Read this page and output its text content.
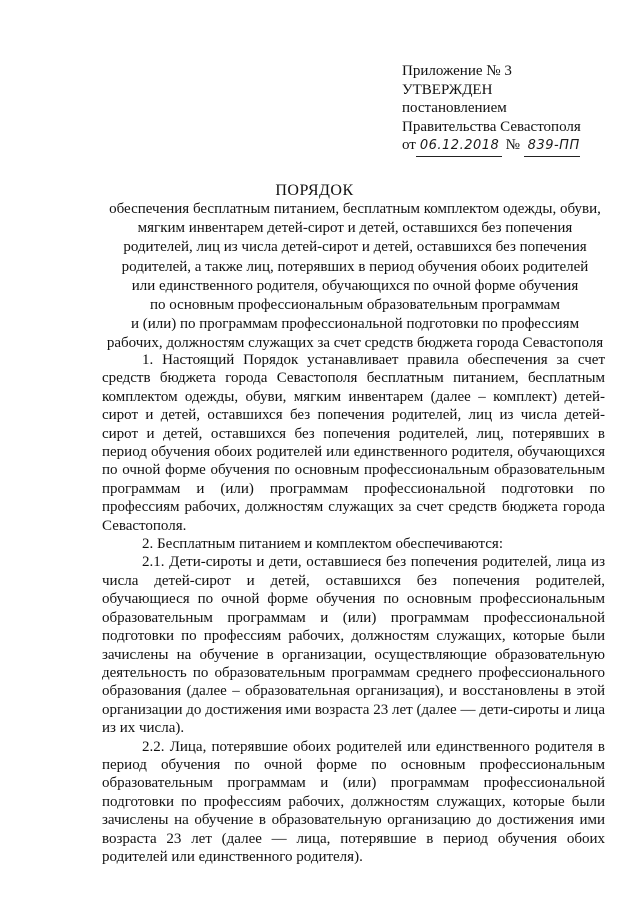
Приложение № 3
УТВЕРЖДЕН
постановлением
Правительства Севастополя
от 06.12.2018 № 839-ПП
ПОРЯДОК
обеспечения бесплатным питанием, бесплатным комплектом одежды, обуви,
мягким инвентарем детей-сирот и детей, оставшихся без попечения
родителей, лиц из числа детей-сирот и детей, оставшихся без попечения
родителей, а также лиц, потерявших в период обучения обоих родителей
или единственного родителя, обучающихся по очной форме обучения
по основным профессиональным образовательным программам
и (или) по программам профессиональной подготовки по профессиям
рабочих, должностям служащих за счет средств бюджета города Севастополя

1. Настоящий Порядок устанавливает правила обеспечения за счет средств бюджета города Севастополя бесплатным питанием, бесплатным комплектом одежды, обуви, мягким инвентарем (далее – комплект) детей-сирот и детей, оставшихся без попечения родителей, лиц из числа детей-сирот и детей, оставшихся без попечения родителей, лиц, потерявших в период обучения обоих родителей или единственного родителя, обучающихся по очной форме обучения по основным профессиональным образовательным программам и (или) программам профессиональной подготовки по профессиям рабочих, должностям служащих за счет средств бюджета города Севастополя.

2. Бесплатным питанием и комплектом обеспечиваются:

2.1. Дети-сироты и дети, оставшиеся без попечения родителей, лица из числа детей-сирот и детей, оставшихся без попечения родителей, обучающиеся по очной форме обучения по основным профессиональным образовательным программам и (или) программам профессиональной подготовки по профессиям рабочих, должностям служащих, которые были зачислены на обучение в организации, осуществляющие образовательную деятельность по образовательным программам среднего профессионального образования (далее – образовательная организация), и восстановлены в этой организации до достижения ими возраста 23 лет (далее — дети-сироты и лица из их числа).

2.2. Лица, потерявшие обоих родителей или единственного родителя в период обучения по очной форме по основным профессиональным образовательным программам и (или) программам профессиональной подготовки по профессиям рабочих, должностям служащих, которые были зачислены на обучение в образовательную организацию до достижения ими возраста 23 лет (далее — лица, потерявшие в период обучения обоих родителей или единственного родителя).
